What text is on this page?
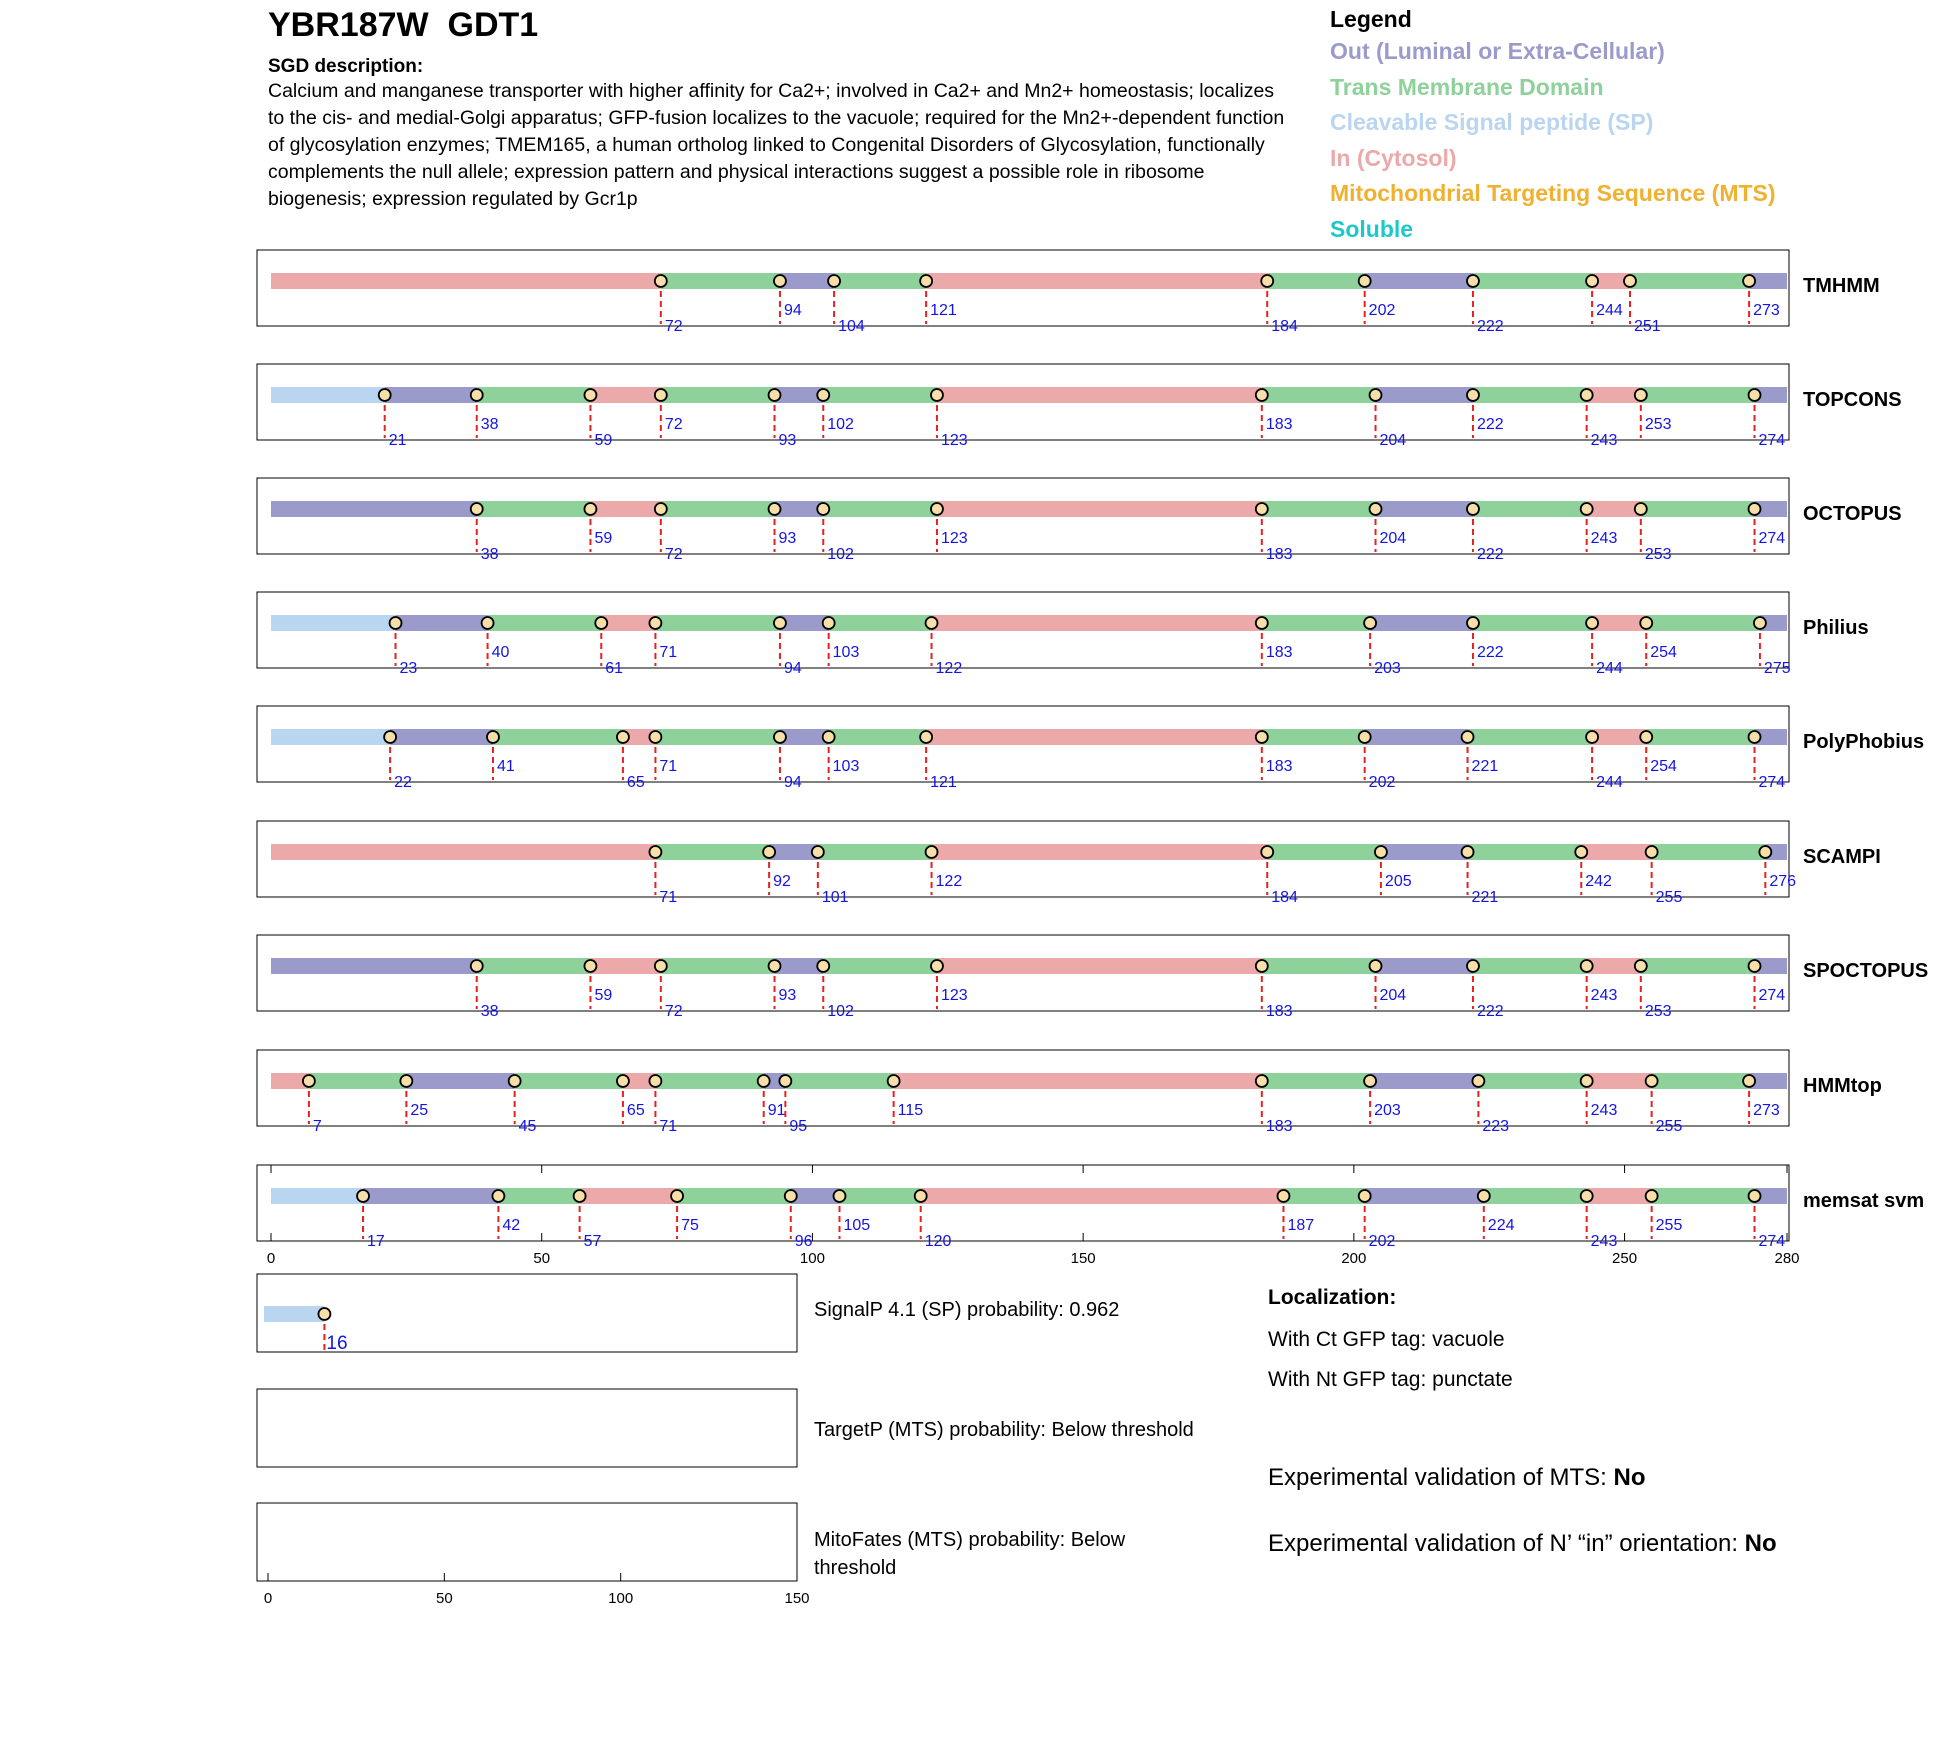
YBR187W  GDT1
SGD description:
Calcium and manganese transporter with higher affinity for Ca2+; involved in Ca2+ and Mn2+ homeostasis; localizes to the cis- and medial-Golgi apparatus; GFP-fusion localizes to the vacuole; required for the Mn2+-dependent function of glycosylation enzymes; TMEM165, a human ortholog linked to Congenital Disorders of Glycosylation, functionally complements the null allele; expression pattern and physical interactions suggest a possible role in ribosome biogenesis; expression regulated by Gcr1p
Legend
Out (Luminal or Extra-Cellular)
Trans Membrane Domain
Cleavable Signal peptide (SP)
In (Cytosol)
Mitochondrial Targeting Sequence (MTS)
Soluble
72
94
104
121
184
202
222
244
251
273
TMHMM
21
38
59
72
93
102
123
183
204
222
243
253
274
TOPCONS
38
59
72
93
102
123
183
204
222
243
253
274
OCTOPUS
23
40
61
71
94
103
122
183
203
222
244
254
275
Philius
22
41
65
71
94
103
121
183
202
221
244
254
274
PolyPhobius
71
92
101
122
184
205
221
242
255
276
SCAMPI
38
59
72
93
102
123
183
204
222
243
253
274
SPOCTOPUS
7
25
45
65
71
91
95
115
183
203
223
243
255
273
HMMtop
17
42
57
75
96
105
120
187
202
224
243
255
274
memsat svm
0	50	100	150	200	250	280
16
0	50	100	150
SignalP 4.1 (SP) probability: 0.962
TargetP (MTS) probability: Below threshold
MitoFates (MTS) probability: Below
threshold
Localization:
With Ct GFP tag: vacuole
With Nt GFP tag: punctate
Experimental validation of MTS: No
Experimental validation of N’ “in” orientation: No
